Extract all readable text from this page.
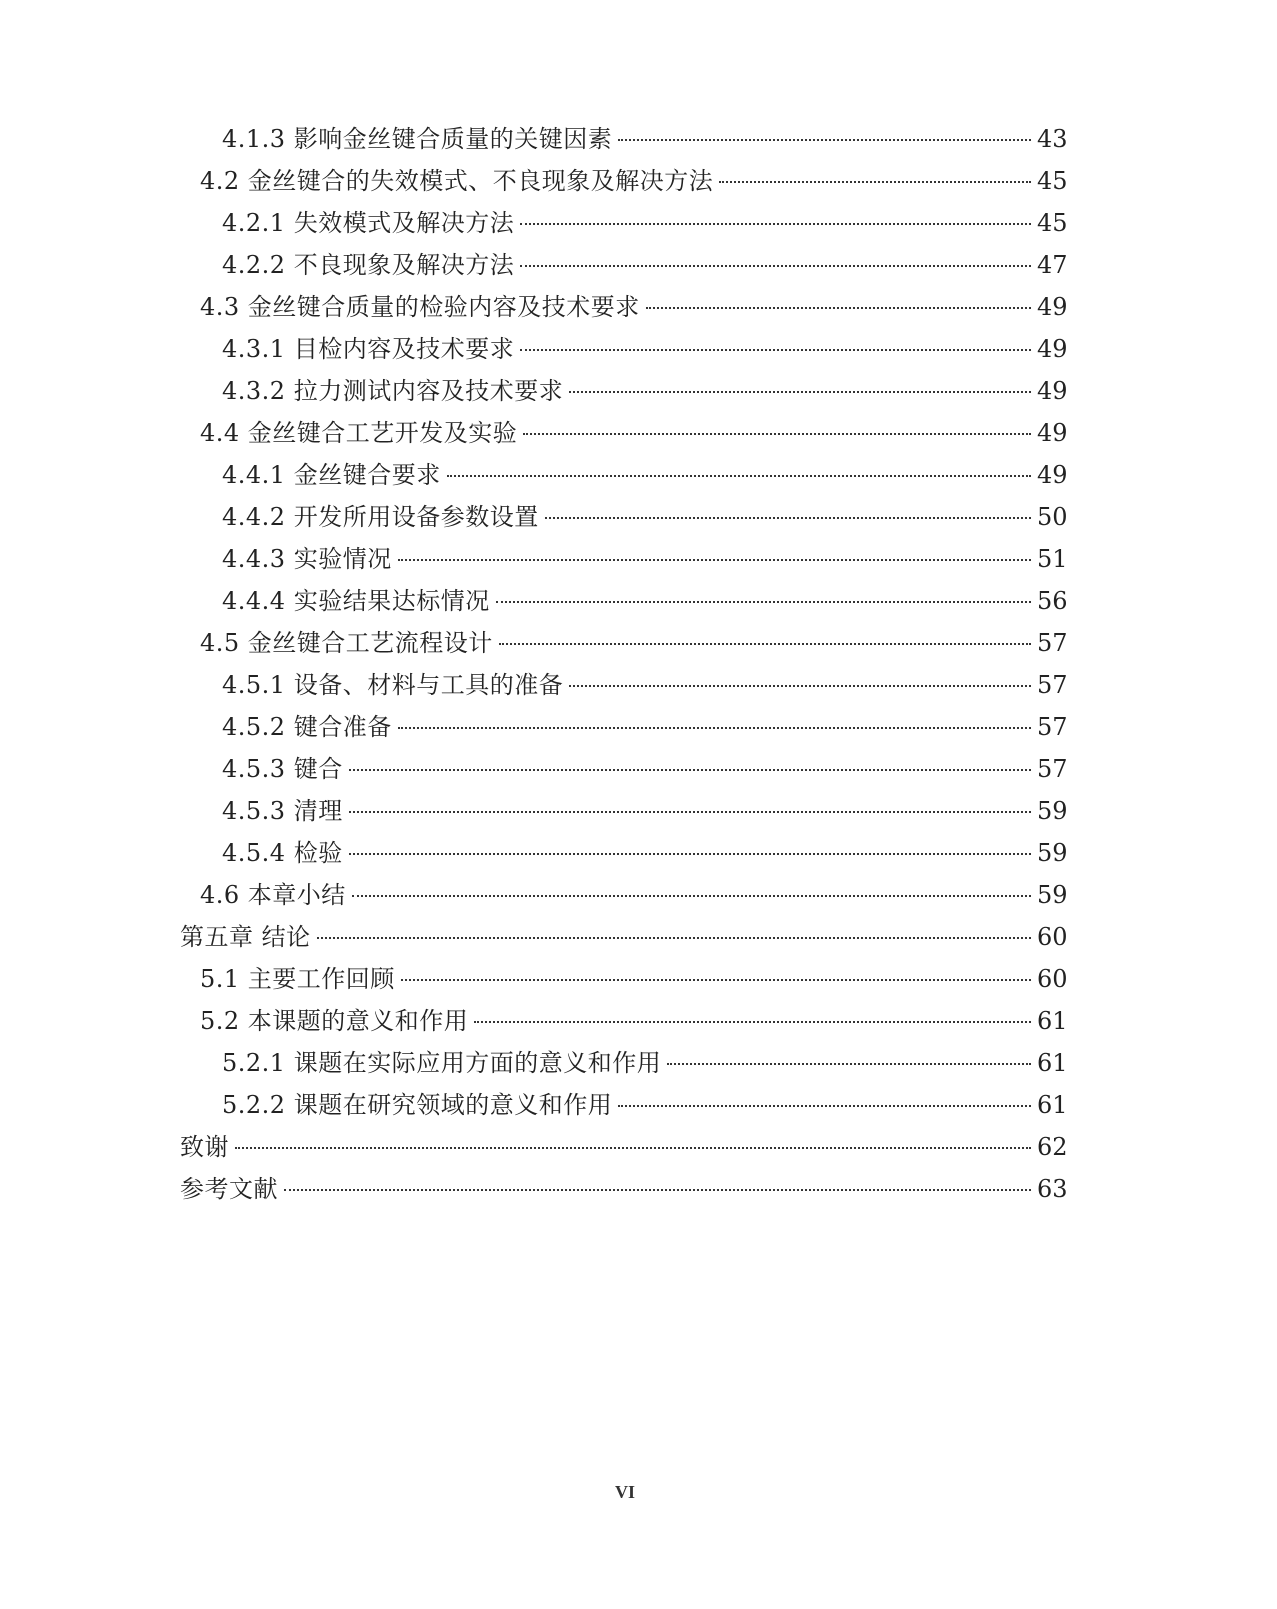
4.1.3 影响金丝键合质量的关键因素	43
4.2 金丝键合的失效模式、不良现象及解决方法	45
4.2.1 失效模式及解决方法	45
4.2.2 不良现象及解决方法	47
4.3 金丝键合质量的检验内容及技术要求	49
4.3.1 目检内容及技术要求	49
4.3.2 拉力测试内容及技术要求	49
4.4 金丝键合工艺开发及实验	49
4.4.1 金丝键合要求	49
4.4.2 开发所用设备参数设置	50
4.4.3 实验情况	51
4.4.4 实验结果达标情况	56
4.5 金丝键合工艺流程设计	57
4.5.1 设备、材料与工具的准备	57
4.5.2 键合准备	57
4.5.3 键合	57
4.5.3 清理	59
4.5.4 检验	59
4.6 本章小结	59
第五章 结论	60
5.1 主要工作回顾	60
5.2 本课题的意义和作用	61
5.2.1 课题在实际应用方面的意义和作用	61
5.2.2 课题在研究领域的意义和作用	61
致谢	62
参考文献	63
VI
